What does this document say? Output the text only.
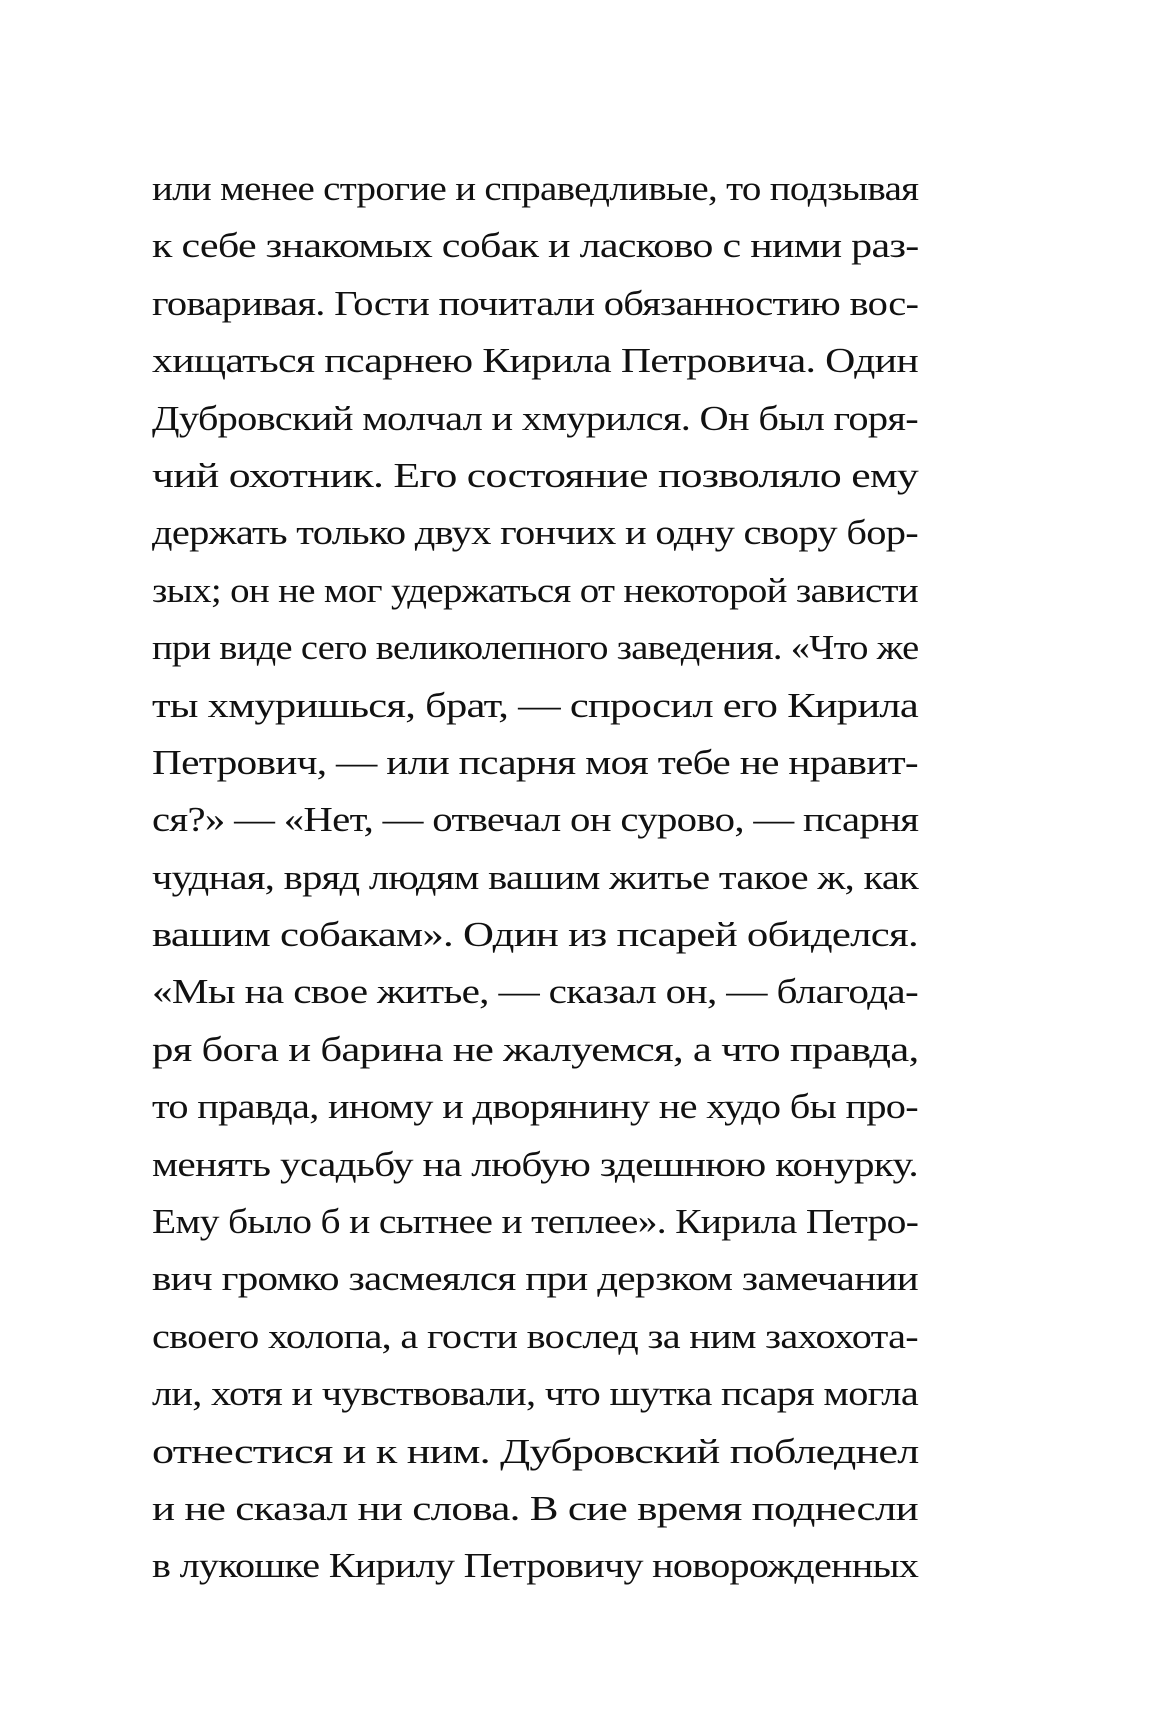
или менее строгие и справедливые, то подзывая
к себе знакомых собак и ласково с ними раз-
говаривая. Гости почитали обязанностию вос-
хищаться псарнею Кирила Петровича. Один
Дубровский молчал и хмурился. Он был горя-
чий охотник. Его состояние позволяло ему
держать только двух гончих и одну свору бор-
зых; он не мог удержаться от некоторой зависти
при виде сего великолепного заведения. «Что же
ты хмуришься, брат, — спросил его Кирила
Петрович, — или псарня моя тебе не нравит-
ся?» — «Нет, — отвечал он сурово, — псарня
чудная, вряд людям вашим житье такое ж, как
вашим собакам». Один из псарей обиделся.
«Мы на свое житье, — сказал он, — благода-
ря бога и барина не жалуемся, а что правда,
то правда, иному и дворянину не худо бы про-
менять усадьбу на любую здешнюю конурку.
Ему было б и сытнее и теплее». Кирила Петро-
вич громко засмеялся при дерзком замечании
своего холопа, а гости вослед за ним захохота-
ли, хотя и чувствовали, что шутка псаря могла
отнестися и к ним. Дубровский побледнел
и не сказал ни слова. В сие время поднесли
в лукошке Кирилу Петровичу новорожденных
